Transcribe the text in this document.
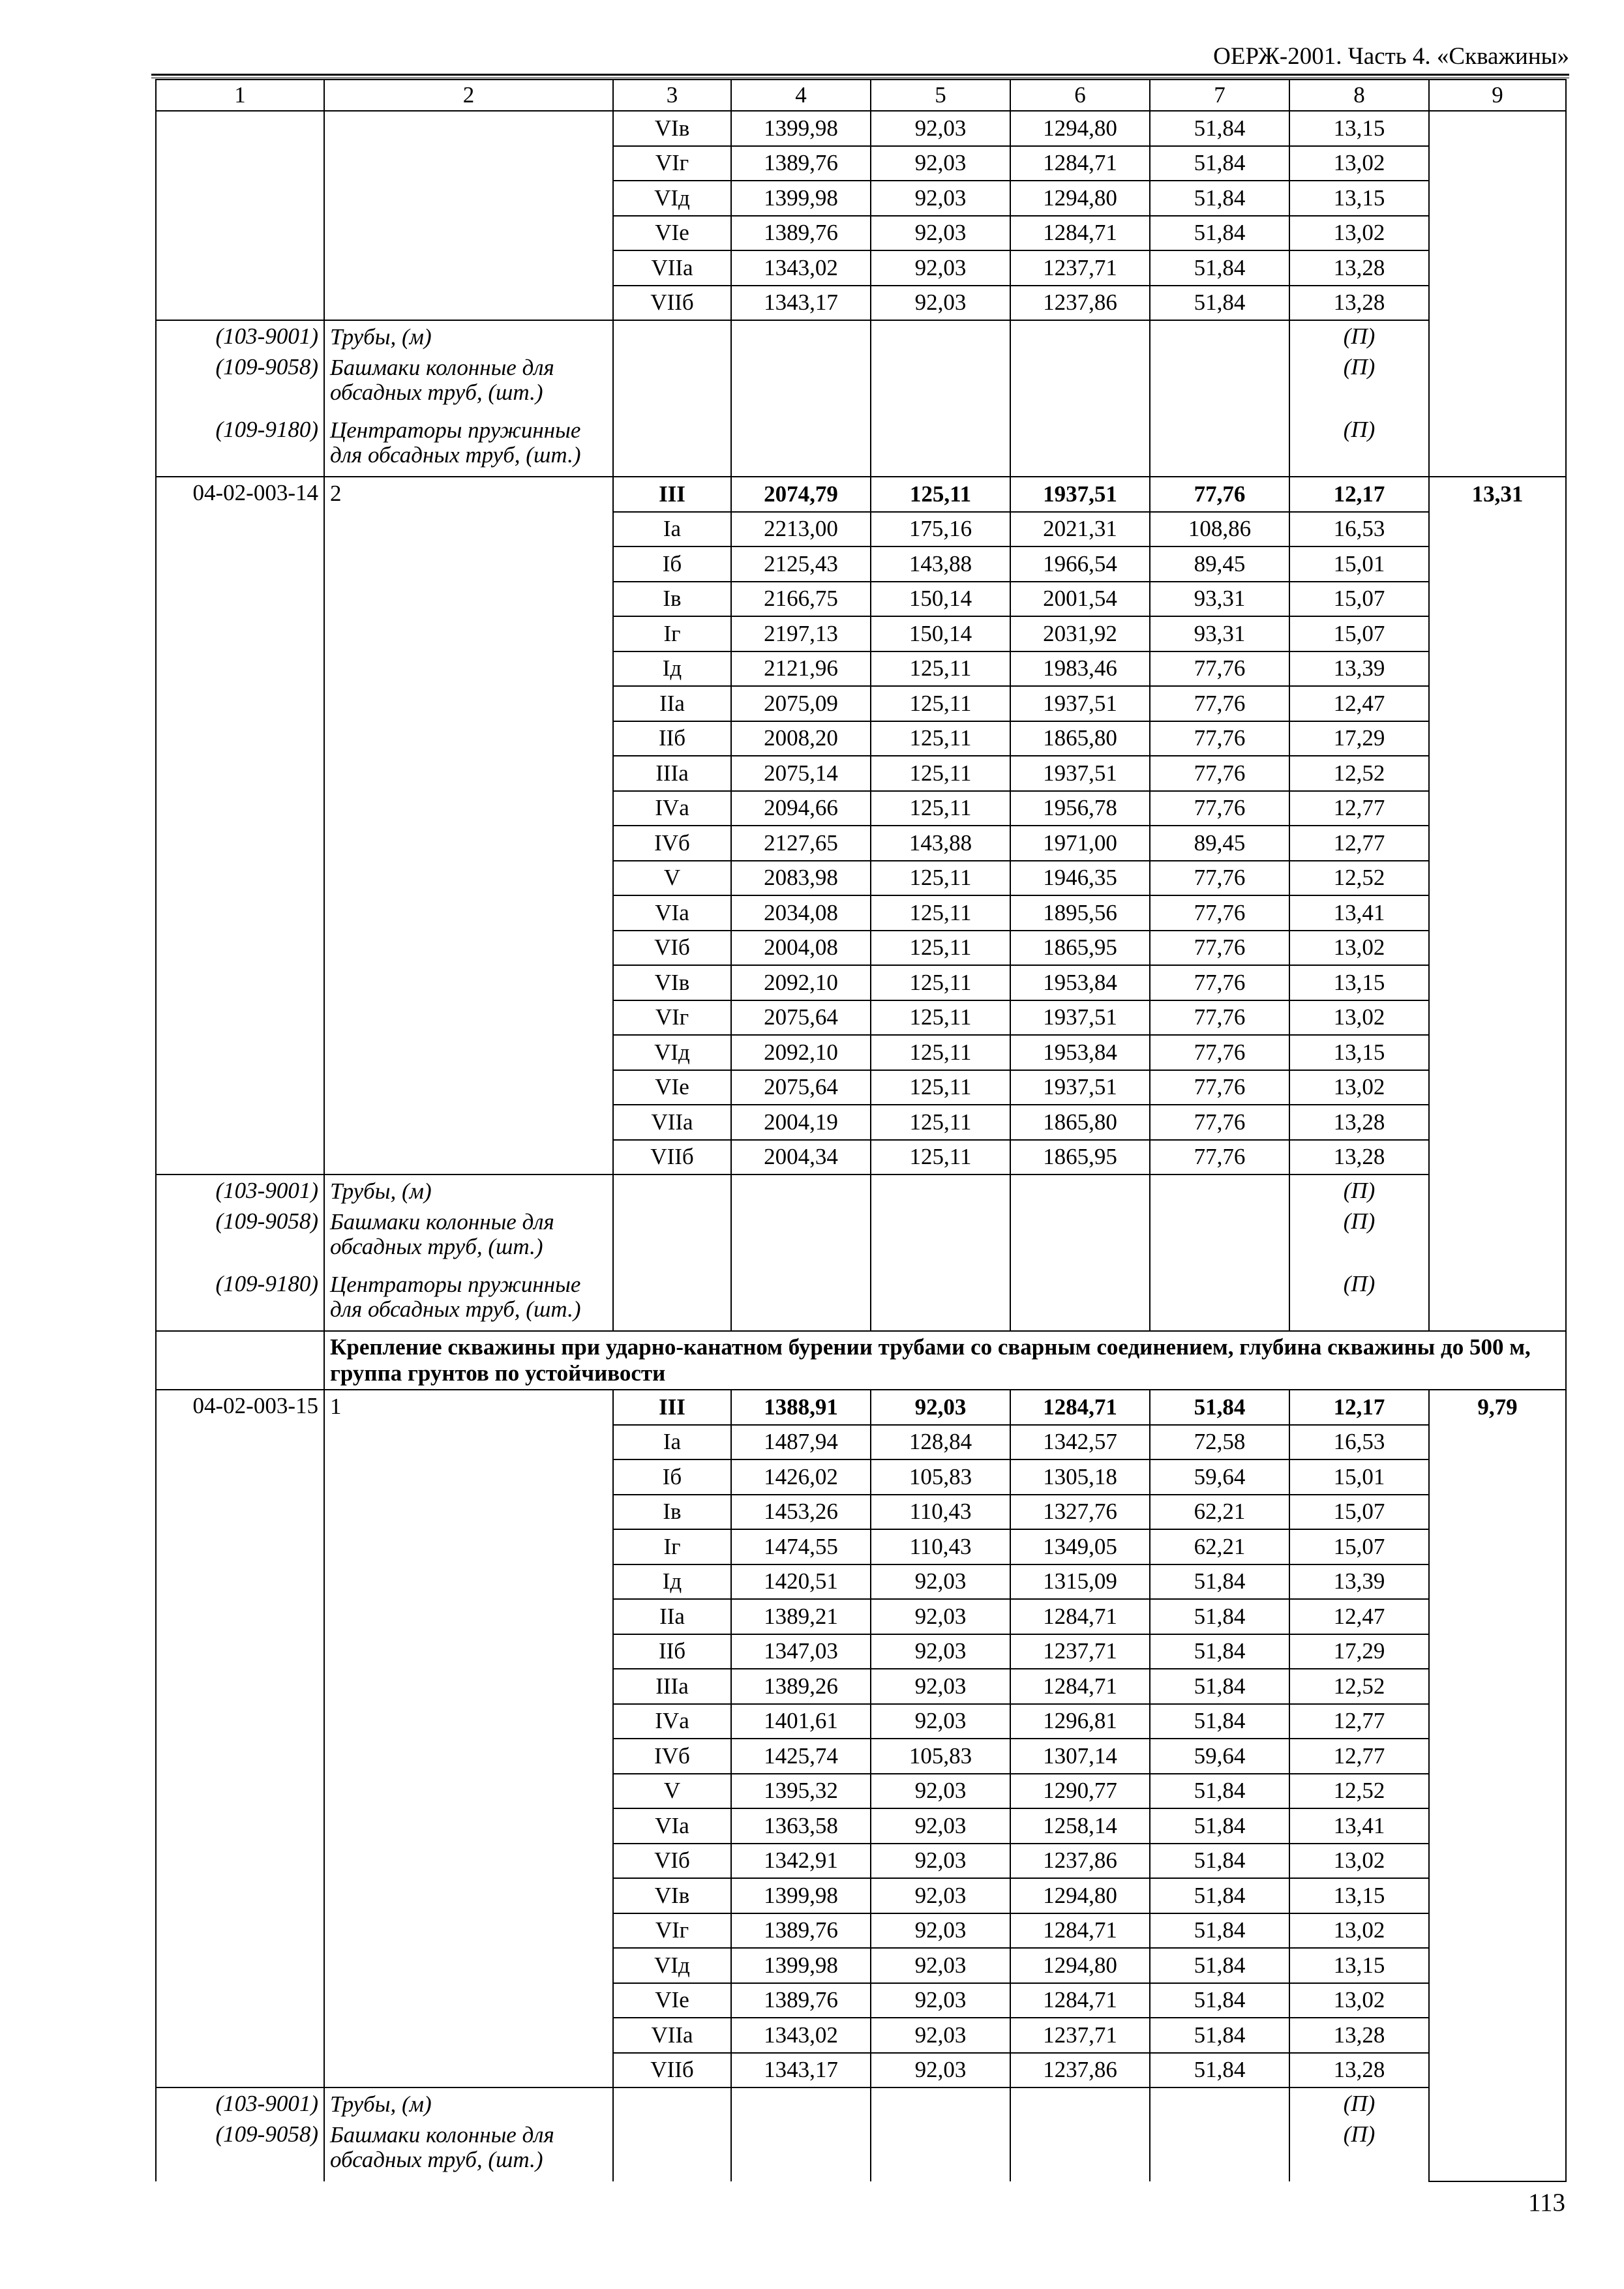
ОЕРЖ-2001. Часть 4. «Скважины»
1	2	3	4	5	6	7	8	9
		VIв	1399,98	92,03	1294,80	51,84	13,15	
		VIг	1389,76	92,03	1284,71	51,84	13,02	
		VIд	1399,98	92,03	1294,80	51,84	13,15	
		VIе	1389,76	92,03	1284,71	51,84	13,02	
		VIIа	1343,02	92,03	1237,71	51,84	13,28	
		VIIб	1343,17	92,03	1237,86	51,84	13,28	
(103-9001)	Трубы, (м)						(П)	
(109-9058)	Башмаки колонные для обсадных труб, (шт.)						(П)	
(109-9180)	Центраторы пружинные для обсадных труб, (шт.)						(П)	
04-02-003-14	2	III	2074,79	125,11	1937,51	77,76	12,17	13,31
		Iа	2213,00	175,16	2021,31	108,86	16,53	
		Iб	2125,43	143,88	1966,54	89,45	15,01	
		Iв	2166,75	150,14	2001,54	93,31	15,07	
		Iг	2197,13	150,14	2031,92	93,31	15,07	
		Iд	2121,96	125,11	1983,46	77,76	13,39	
		IIа	2075,09	125,11	1937,51	77,76	12,47	
		IIб	2008,20	125,11	1865,80	77,76	17,29	
		IIIа	2075,14	125,11	1937,51	77,76	12,52	
		IVа	2094,66	125,11	1956,78	77,76	12,77	
		IVб	2127,65	143,88	1971,00	89,45	12,77	
		V	2083,98	125,11	1946,35	77,76	12,52	
		VIа	2034,08	125,11	1895,56	77,76	13,41	
		VIб	2004,08	125,11	1865,95	77,76	13,02	
		VIв	2092,10	125,11	1953,84	77,76	13,15	
		VIг	2075,64	125,11	1937,51	77,76	13,02	
		VIд	2092,10	125,11	1953,84	77,76	13,15	
		VIе	2075,64	125,11	1937,51	77,76	13,02	
		VIIа	2004,19	125,11	1865,80	77,76	13,28	
		VIIб	2004,34	125,11	1865,95	77,76	13,28	
(103-9001)	Трубы, (м)						(П)	
(109-9058)	Башмаки колонные для обсадных труб, (шт.)						(П)	
(109-9180)	Центраторы пружинные для обсадных труб, (шт.)						(П)	
	Крепление скважины при ударно-канатном бурении трубами со сварным соединением, глубина скважины до 500 м, группа грунтов по устойчивости							
04-02-003-15	1	III	1388,91	92,03	1284,71	51,84	12,17	9,79
		Iа	1487,94	128,84	1342,57	72,58	16,53	
		Iб	1426,02	105,83	1305,18	59,64	15,01	
		Iв	1453,26	110,43	1327,76	62,21	15,07	
		Iг	1474,55	110,43	1349,05	62,21	15,07	
		Iд	1420,51	92,03	1315,09	51,84	13,39	
		IIа	1389,21	92,03	1284,71	51,84	12,47	
		IIб	1347,03	92,03	1237,71	51,84	17,29	
		IIIа	1389,26	92,03	1284,71	51,84	12,52	
		IVа	1401,61	92,03	1296,81	51,84	12,77	
		IVб	1425,74	105,83	1307,14	59,64	12,77	
		V	1395,32	92,03	1290,77	51,84	12,52	
		VIа	1363,58	92,03	1258,14	51,84	13,41	
		VIб	1342,91	92,03	1237,86	51,84	13,02	
		VIв	1399,98	92,03	1294,80	51,84	13,15	
		VIг	1389,76	92,03	1284,71	51,84	13,02	
		VIд	1399,98	92,03	1294,80	51,84	13,15	
		VIе	1389,76	92,03	1284,71	51,84	13,02	
		VIIа	1343,02	92,03	1237,71	51,84	13,28	
		VIIб	1343,17	92,03	1237,86	51,84	13,28	
(103-9001)	Трубы, (м)						(П)	
(109-9058)	Башмаки колонные для обсадных труб, (шт.)						(П)	
113
